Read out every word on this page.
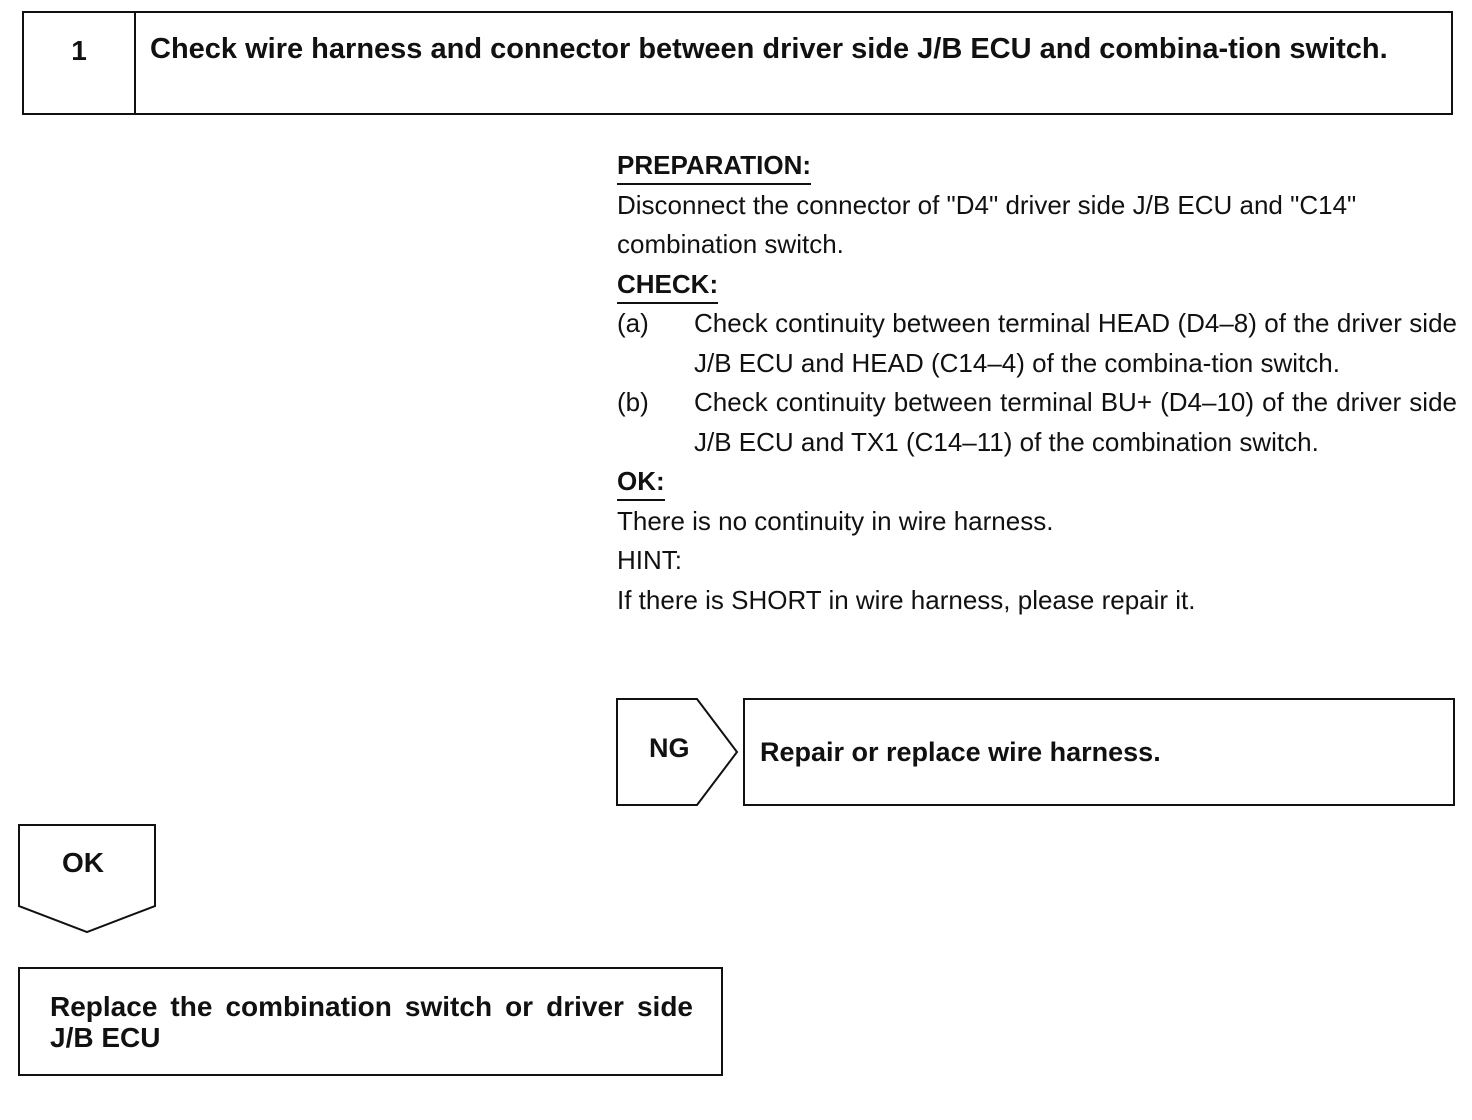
1	Check wire harness and connector between driver side J/B ECU and combina-tion switch.
PREPARATION:

Disconnect the connector of "D4" driver side J/B ECU and "C14" combination switch.

CHECK:
(a)	Check continuity between terminal HEAD (D4–8) of the driver side J/B ECU and HEAD (C14–4) of the combina-tion switch.
(b)	Check continuity between terminal BU+ (D4–10) of the driver side J/B ECU and TX1 (C14–11) of the combination switch.
OK:

There is no continuity in wire harness.

HINT:

If there is SHORT in wire harness, please repair it.

NG	Repair or replace wire harness.
OK
Replace the combination switch or driver side J/B ECU
